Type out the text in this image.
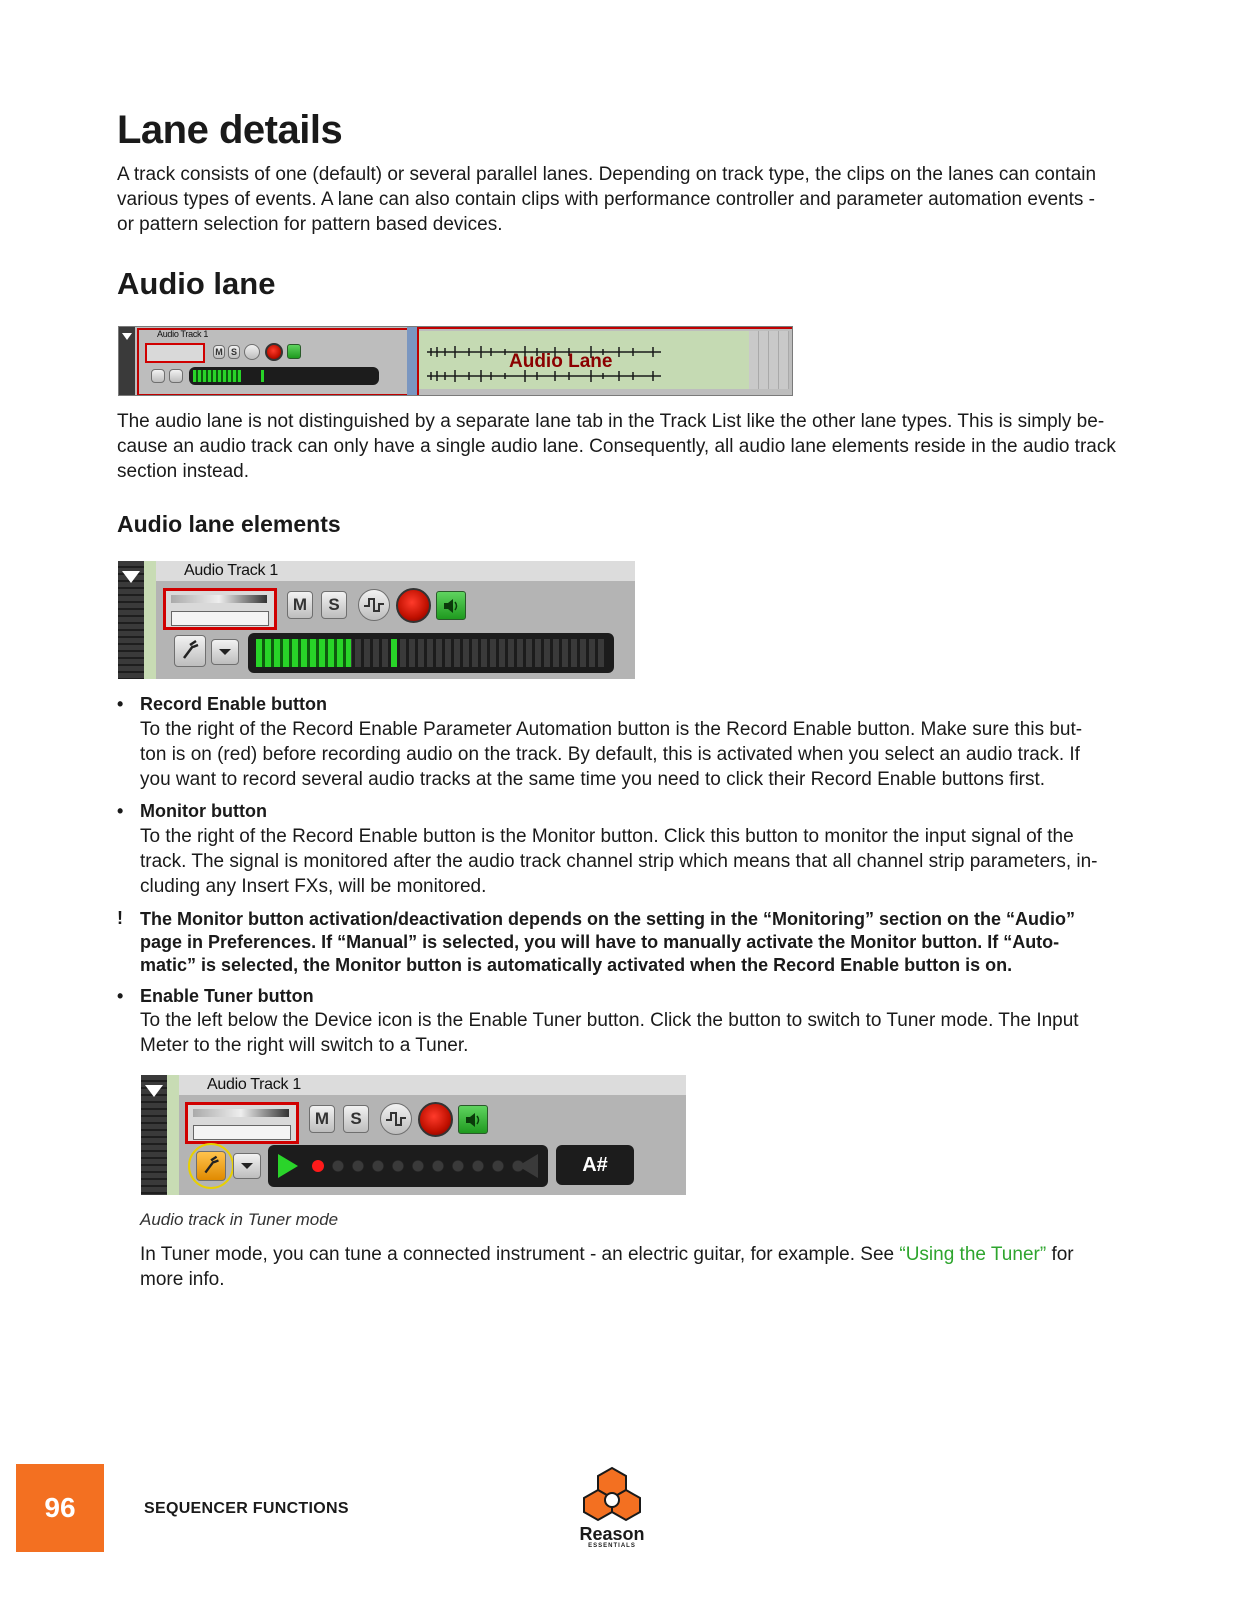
Lane details
A track consists of one (default) or several parallel lanes. Depending on track type, the clips on the lanes can contain various types of events. A lane can also contain clips with performance controller and parameter automation events - or pattern selection for pattern based devices.
Audio lane
Audio Track 1
M S	Audio Lane
The audio lane is not distinguished by a separate lane tab in the Track List like the other lane types. This is simply be-cause an audio track can only have a single audio lane. Consequently, all audio lane elements reside in the audio track section instead.
Audio lane elements
Audio Track 1
M	S
• Record Enable button
To the right of the Record Enable Parameter Automation button is the Record Enable button. Make sure this but-ton is on (red) before recording audio on the track. By default, this is activated when you select an audio track. If you want to record several audio tracks at the same time you need to click their Record Enable buttons first.
• Monitor button
To the right of the Record Enable button is the Monitor button. Click this button to monitor the input signal of the track. The signal is monitored after the audio track channel strip which means that all channel strip parameters, in-cluding any Insert FXs, will be monitored.
! The Monitor button activation/deactivation depends on the setting in the “Monitoring” section on the “Audio” page in Preferences. If “Manual” is selected, you will have to manually activate the Monitor button. If “Auto-matic” is selected, the Monitor button is automatically activated when the Record Enable button is on.
• Enable Tuner button
To the left below the Device icon is the Enable Tuner button. Click the button to switch to Tuner mode. The Input Meter to the right will switch to a Tuner.
Audio Track 1
M	S
A#
Audio track in Tuner mode
In Tuner mode, you can tune a connected instrument - an electric guitar, for example. See “Using the Tuner” for more info.
96	SEQUENCER FUNCTIONS
Reason
ESSENTIALS
